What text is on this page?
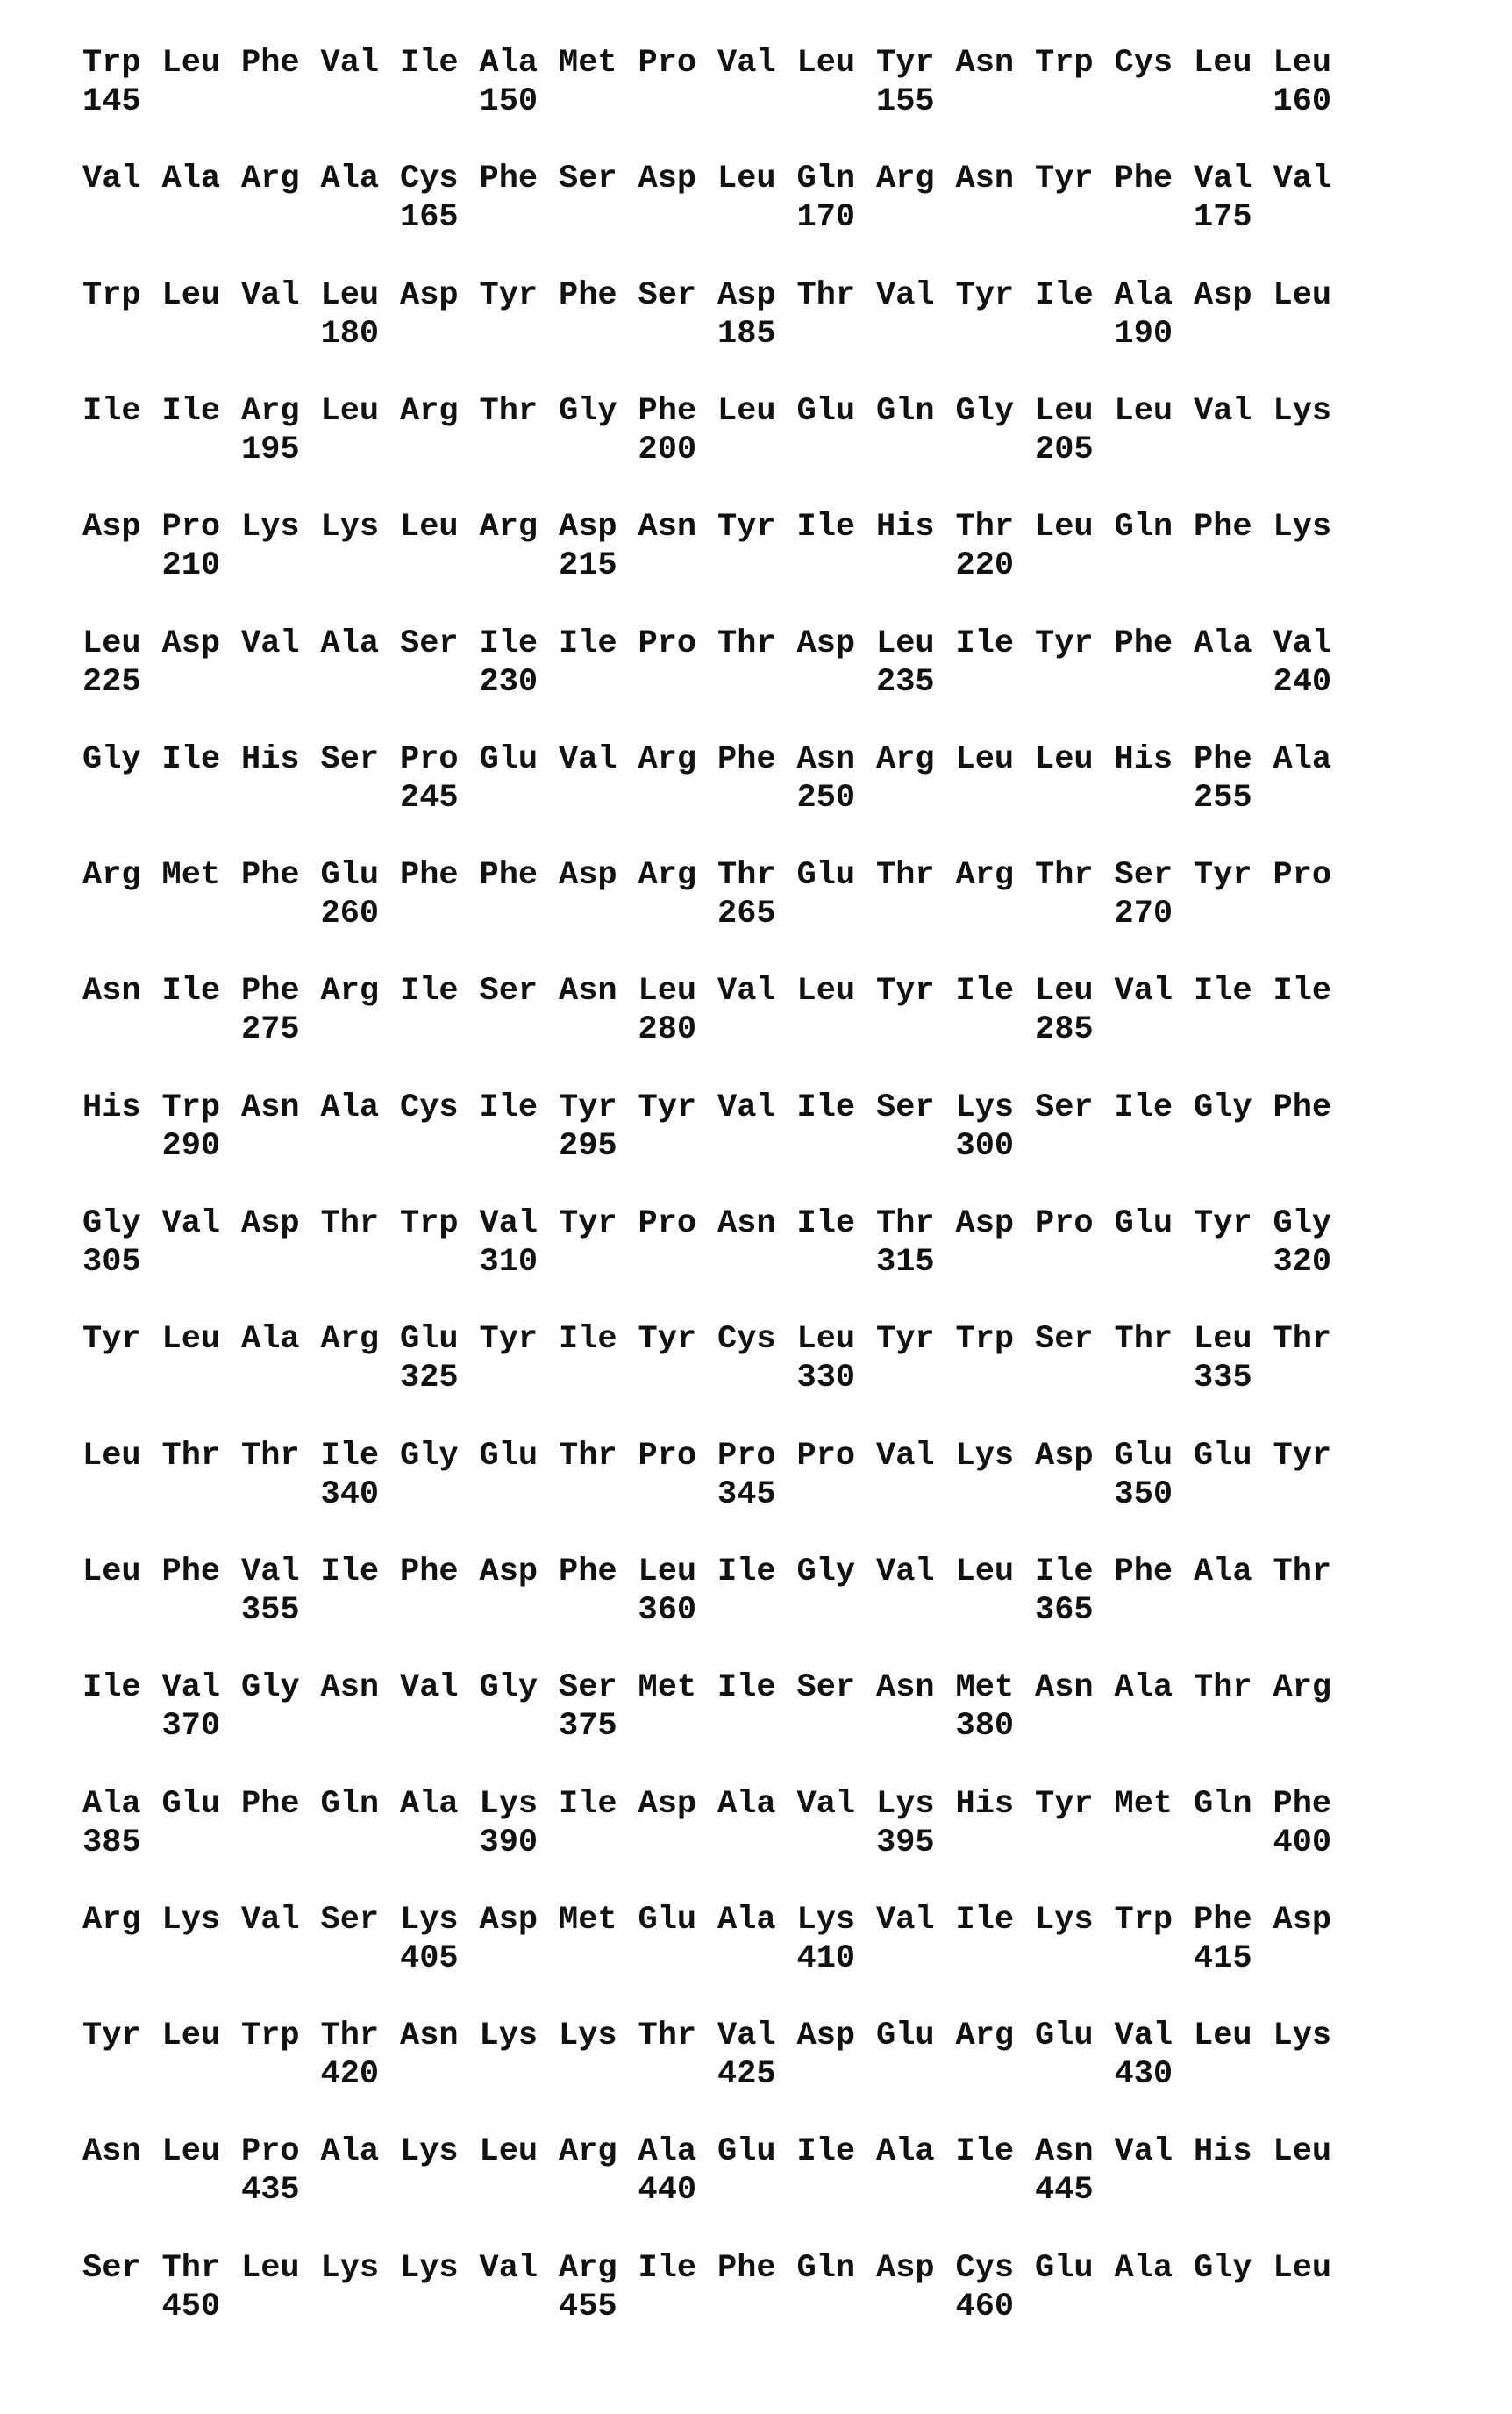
Trp Leu Phe Val Ile Ala Met Pro Val Leu Tyr Asn Trp Cys Leu Leu
145	150	155	160
Val Ala Arg Ala Cys Phe Ser Asp Leu Gln Arg Asn Tyr Phe Val Val
165	170	175
Trp Leu Val Leu Asp Tyr Phe Ser Asp Thr Val Tyr Ile Ala Asp Leu
180	185	190
Ile Ile Arg Leu Arg Thr Gly Phe Leu Glu Gln Gly Leu Leu Val Lys
195	200	205
Asp Pro Lys Lys Leu Arg Asp Asn Tyr Ile His Thr Leu Gln Phe Lys
210	215	220
Leu Asp Val Ala Ser Ile Ile Pro Thr Asp Leu Ile Tyr Phe Ala Val
225	230	235	240
Gly Ile His Ser Pro Glu Val Arg Phe Asn Arg Leu Leu His Phe Ala
245	250	255
Arg Met Phe Glu Phe Phe Asp Arg Thr Glu Thr Arg Thr Ser Tyr Pro
260	265	270
Asn Ile Phe Arg Ile Ser Asn Leu Val Leu Tyr Ile Leu Val Ile Ile
275	280	285
His Trp Asn Ala Cys Ile Tyr Tyr Val Ile Ser Lys Ser Ile Gly Phe
290	295	300
Gly Val Asp Thr Trp Val Tyr Pro Asn Ile Thr Asp Pro Glu Tyr Gly
305	310	315	320
Tyr Leu Ala Arg Glu Tyr Ile Tyr Cys Leu Tyr Trp Ser Thr Leu Thr
325	330	335
Leu Thr Thr Ile Gly Glu Thr Pro Pro Pro Val Lys Asp Glu Glu Tyr
340	345	350
Leu Phe Val Ile Phe Asp Phe Leu Ile Gly Val Leu Ile Phe Ala Thr
355	360	365
Ile Val Gly Asn Val Gly Ser Met Ile Ser Asn Met Asn Ala Thr Arg
370	375	380
Ala Glu Phe Gln Ala Lys Ile Asp Ala Val Lys His Tyr Met Gln Phe
385	390	395	400
Arg Lys Val Ser Lys Asp Met Glu Ala Lys Val Ile Lys Trp Phe Asp
405	410	415
Tyr Leu Trp Thr Asn Lys Lys Thr Val Asp Glu Arg Glu Val Leu Lys
420	425	430
Asn Leu Pro Ala Lys Leu Arg Ala Glu Ile Ala Ile Asn Val His Leu
435	440	445
Ser Thr Leu Lys Lys Val Arg Ile Phe Gln Asp Cys Glu Ala Gly Leu
450	455	460
